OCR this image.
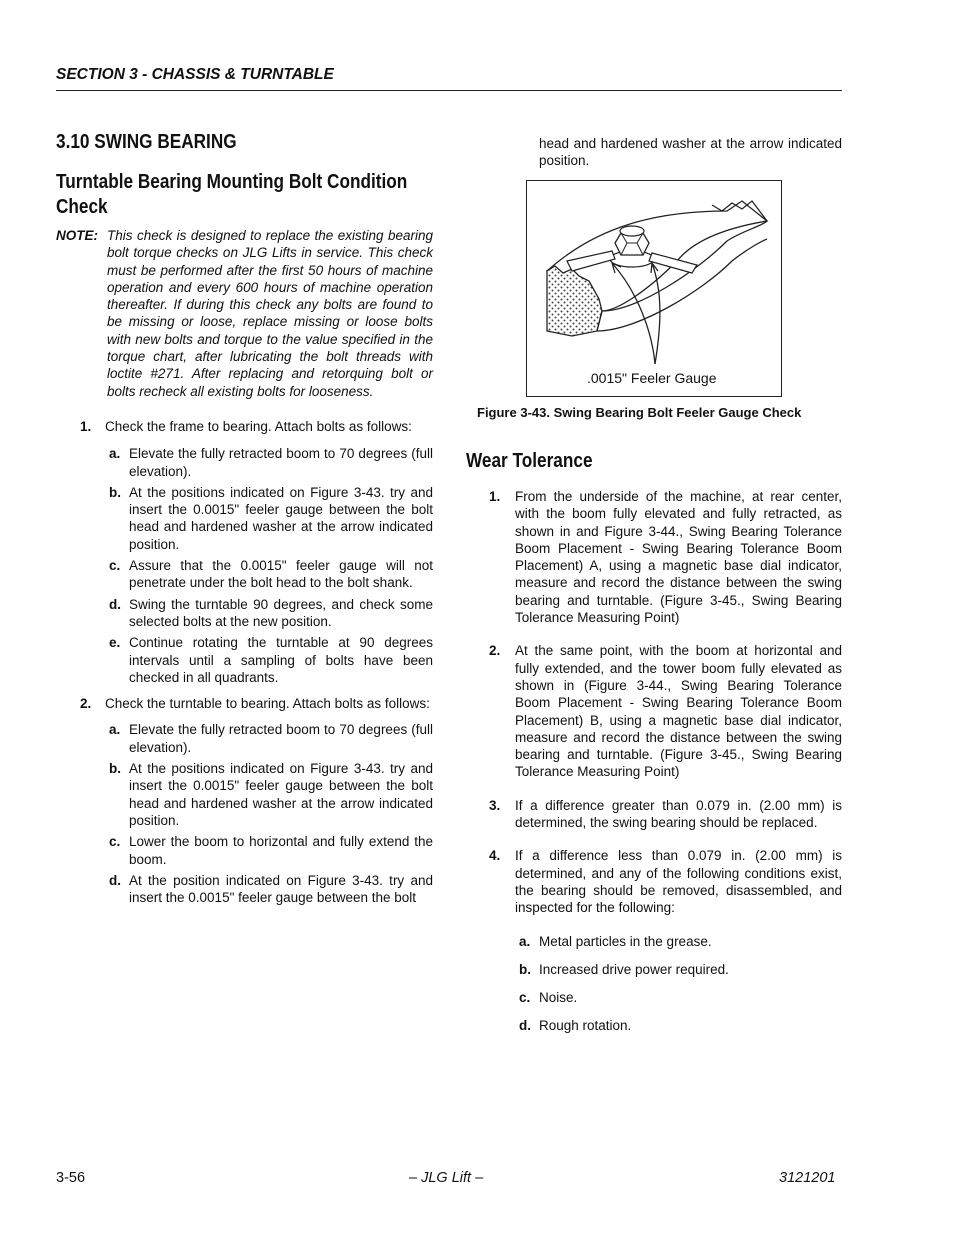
SECTION 3 - CHASSIS & TURNTABLE
3.10 SWING BEARING
Turntable Bearing Mounting Bolt Condition Check
NOTE: This check is designed to replace the existing bearing bolt torque checks on JLG Lifts in service. This check must be performed after the first 50 hours of machine operation and every 600 hours of machine operation thereafter. If during this check any bolts are found to be missing or loose, replace missing or loose bolts with new bolts and torque to the value specified in the torque chart, after lubricating the bolt threads with loctite #271. After replacing and retorquing bolt or bolts recheck all existing bolts for looseness.
1.	Check the frame to bearing. Attach bolts as follows:
a. Elevate the fully retracted boom to 70 degrees (full elevation).
b. At the positions indicated on Figure 3-43. try and insert the 0.0015" feeler gauge between the bolt head and hardened washer at the arrow indicated position.
c. Assure that the 0.0015" feeler gauge will not penetrate under the bolt head to the bolt shank.
d. Swing the turntable 90 degrees, and check some selected bolts at the new position.
e. Continue rotating the turntable at 90 degrees intervals until a sampling of bolts have been checked in all quadrants.
2.	Check the turntable to bearing. Attach bolts as follows:
a. Elevate the fully retracted boom to 70 degrees (full elevation).
b. At the positions indicated on Figure 3-43. try and insert the 0.0015" feeler gauge between the bolt head and hardened washer at the arrow indicated position.
c. Lower the boom to horizontal and fully extend the boom.
d. At the position indicated on Figure 3-43. try and insert the 0.0015" feeler gauge between the bolt
head and hardened washer at the arrow indicated position.
.0015" Feeler Gauge
Figure 3-43. Swing Bearing Bolt Feeler Gauge Check
Wear Tolerance
1.	From the underside of the machine, at rear center, with the boom fully elevated and fully retracted, as shown in and Figure 3-44., Swing Bearing Tolerance Boom Placement - Swing Bearing Tolerance Boom Placement) A, using a magnetic base dial indicator, measure and record the distance between the swing bearing and turntable. (Figure 3-45., Swing Bearing Tolerance Measuring Point)
2.	At the same point, with the boom at horizontal and fully extended, and the tower boom fully elevated as shown in (Figure 3-44., Swing Bearing Tolerance Boom Placement - Swing Bearing Tolerance Boom Placement) B, using a magnetic base dial indicator, measure and record the distance between the swing bearing and turntable. (Figure 3-45., Swing Bearing Tolerance Measuring Point)
3.	If a difference greater than 0.079 in. (2.00 mm) is determined, the swing bearing should be replaced.
4.	If a difference less than 0.079 in. (2.00 mm) is determined, and any of the following conditions exist, the bearing should be removed, disassembled, and inspected for the following:
a. Metal particles in the grease.
b. Increased drive power required.
c. Noise.
d. Rough rotation.
3-56	– JLG Lift –	3121201
